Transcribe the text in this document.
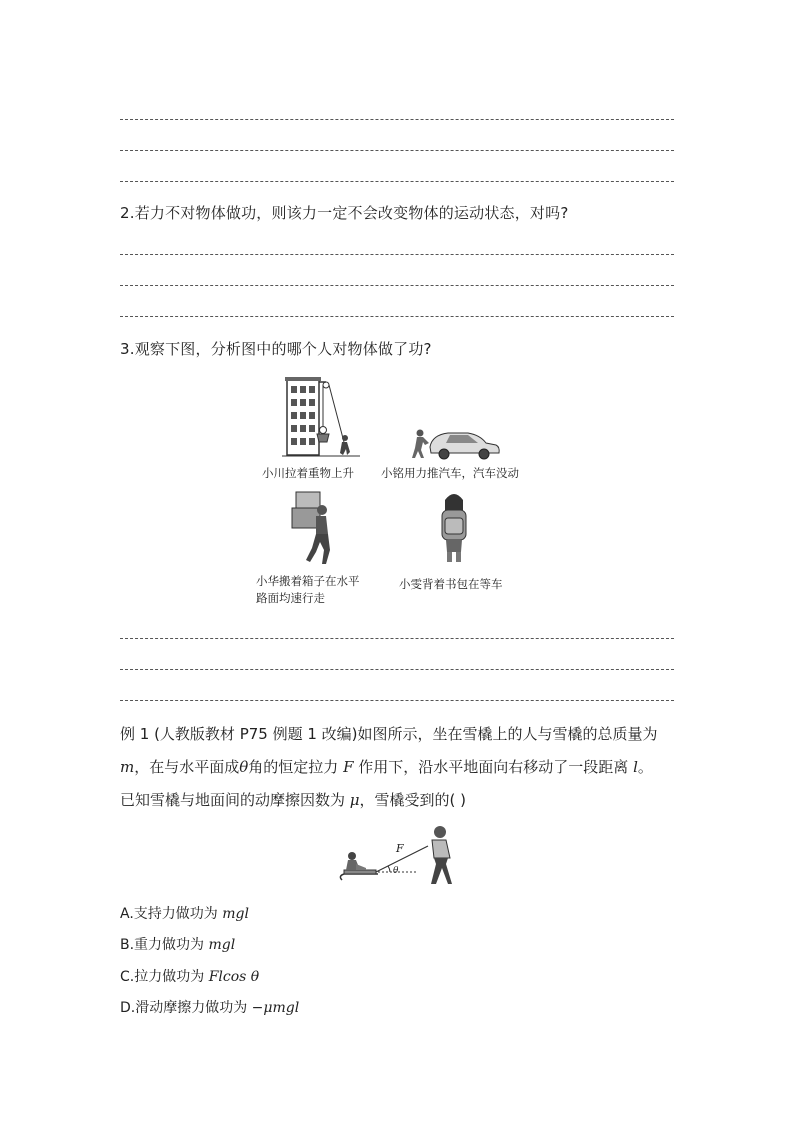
2.若力不对物体做功，则该力一定不会改变物体的运动状态，对吗?
3.观察下图，分析图中的哪个人对物体做了功?
小川拉着重物上升 小铭用力推汽车，汽车没动
小华搬着箱子在水平
路面均速行走
小雯背着书包在等车
例 1 (人教版教材 P75 例题 1 改编)如图所示，坐在雪橇上的人与雪橇的总质量为
m，在与水平面成θ角的恒定拉力 F 作用下，沿水平地面向右移动了一段距离 l。
已知雪橇与地面间的动摩擦因数为 μ，雪橇受到的( )
F
θ
A.支持力做功为 mgl
B.重力做功为 mgl
C.拉力做功为 Flcos θ
D.滑动摩擦力做功为 −μmgl
